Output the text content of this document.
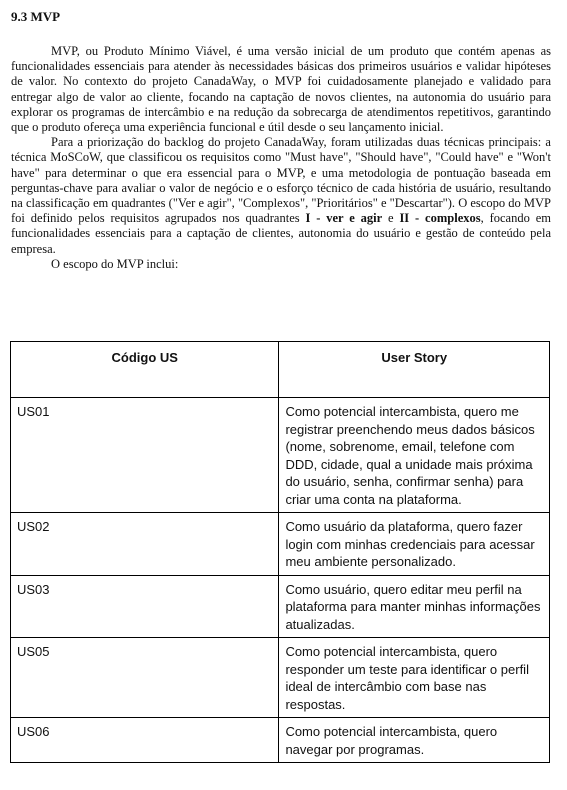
9.3 MVP

MVP, ou Produto Mínimo Viável, é uma versão inicial de um produto que contém apenas as funcionalidades essenciais para atender às necessidades básicas dos primeiros usuários e validar hipóteses de valor. No contexto do projeto CanadaWay, o MVP foi cuidadosamente planejado e validado para entregar algo de valor ao cliente, focando na captação de novos clientes, na autonomia do usuário para explorar os programas de intercâmbio e na redução da sobrecarga de atendimentos repetitivos, garantindo que o produto ofereça uma experiência funcional e útil desde o seu lançamento inicial.

Para a priorização do backlog do projeto CanadaWay, foram utilizadas duas técnicas principais: a técnica MoSCoW, que classificou os requisitos como "Must have", "Should have", "Could have" e "Won't have" para determinar o que era essencial para o MVP, e uma metodologia de pontuação baseada em perguntas-chave para avaliar o valor de negócio e o esforço técnico de cada história de usuário, resultando na classificação em quadrantes ("Ver e agir", "Complexos", "Prioritários" e "Descartar"). O escopo do MVP foi definido pelos requisitos agrupados nos quadrantes I - ver e agir e II - complexos, focando em funcionalidades essenciais para a captação de clientes, autonomia do usuário e gestão de conteúdo pela empresa.

O escopo do MVP inclui:

Código US	User Story
US01	Como potencial intercambista, quero me registrar preenchendo meus dados básicos (nome, sobrenome, email, telefone com DDD, cidade, qual a unidade mais próxima do usuário, senha, confirmar senha) para criar uma conta na plataforma.
US02	Como usuário da plataforma, quero fazer login com minhas credenciais para acessar meu ambiente personalizado.
US03	Como usuário, quero editar meu perfil na plataforma para manter minhas informações atualizadas.
US05	Como potencial intercambista, quero responder um teste para identificar o perfil ideal de intercâmbio com base nas respostas.
US06	Como potencial intercambista, quero navegar por programas.
